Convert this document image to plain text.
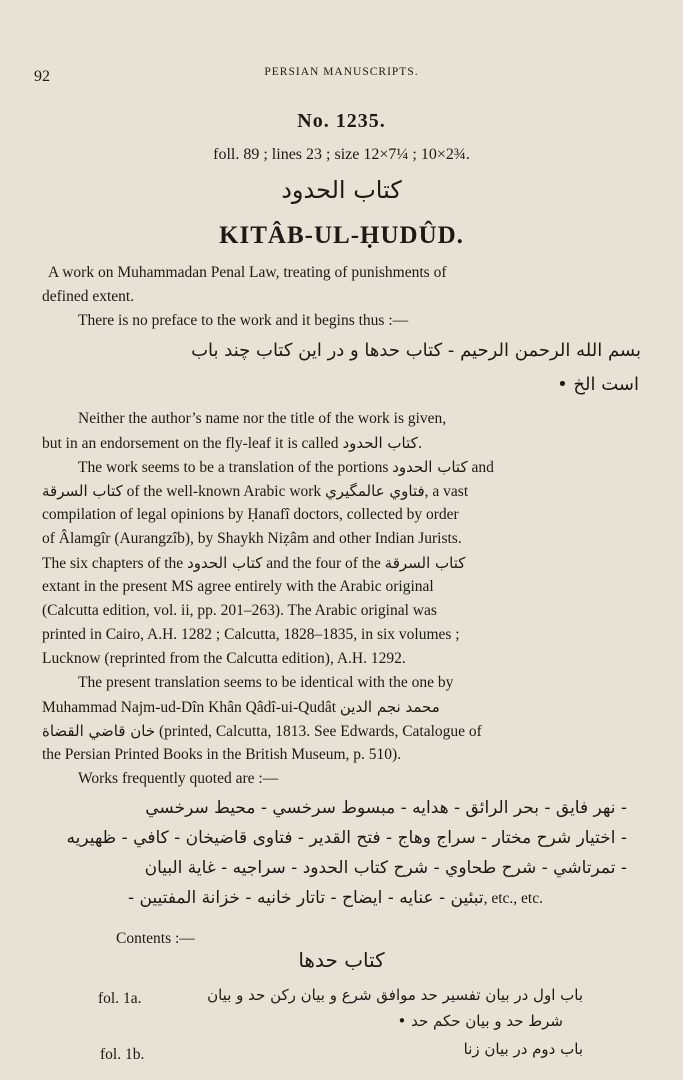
92	PERSIAN MANUSCRIPTS.
No. 1235.
foll. 89 ; lines 23 ; size 12×7¼ ; 10×2¾.
كتاب الحدود
KITÂB-UL-ḤUDÛD.
A work on Muhammadan Penal Law, treating of punishments of
defined extent.
There is no preface to the work and it begins thus :—
بسم الله الرحمن الرحيم - كتاب حدها و در اين كتاب چند باب
است الخ •
Neither the author’s name nor the title of the work is given,
but in an endorsement on the fly-leaf it is called كتاب الحدود.
The work seems to be a translation of the portions كتاب الحدود and
كتاب السرقة of the well-known Arabic work فتاوي عالمگيري, a vast
compilation of legal opinions by Ḥanafî doctors, collected by order
of Âlamgîr (Aurangzîb), by Shaykh Niẓâm and other Indian Jurists.
The six chapters of the كتاب الحدود and the four of the كتاب السرقة
extant in the present MS agree entirely with the Arabic original
(Calcutta edition, vol. ii, pp. 201–263). The Arabic original was
printed in Cairo, A.H. 1282 ; Calcutta, 1828–1835, in six volumes ;
Lucknow (reprinted from the Calcutta edition), A.H. 1292.
The present translation seems to be identical with the one by
Muhammad Najm-ud-Dîn Khân Qâdî-ui-Qudât محمد نجم الدين
خان قاضي القضاة (printed, Calcutta, 1813. See Edwards, Catalogue of
the Persian Printed Books in the British Museum, p. 510).
Works frequently quoted are :—
- نهر فايق - بحر الرائق - هدايه - مبسوط سرخسي - محيط سرخسي
- اختيار شرح مختار - سراج وهاج - فتح القدير - فتاوى قاضيخان - كافي - ظهيريه
- تمرتاشي - شرح طحاوي - شرح كتاب الحدود - سراجيه - غاية البيان
- تبئين - عنايه - ايضاح - تاتار خانيه - خزانة المفتيين, etc., etc.
Contents :—
كتاب حدها
fol. 1a.	باب اول در بيان تفسير حد موافق شرع و بيان ركن حد و بيان
شرط حد و بيان حكم حد •
fol. 1b.	باب دوم در بيان زنا
